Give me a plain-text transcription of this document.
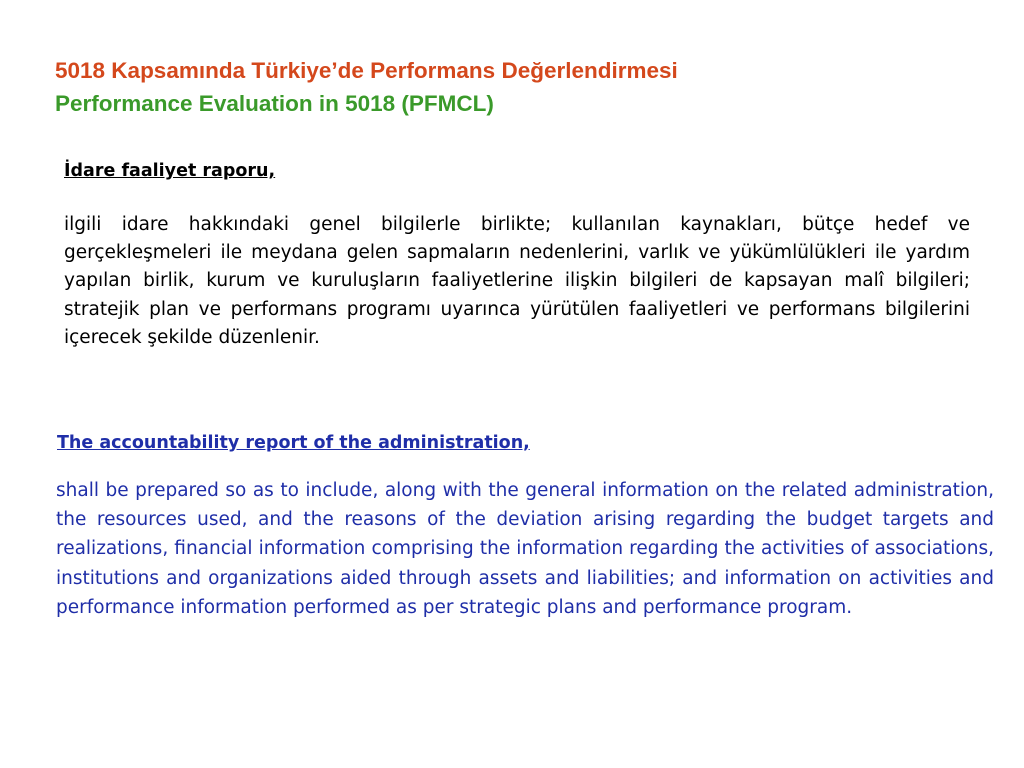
5018 Kapsamında Türkiye’de Performans Değerlendirmesi
Performance Evaluation in 5018 (PFMCL)
İdare faaliyet raporu,

ilgili idare hakkındaki genel bilgilerle birlikte; kullanılan kaynakları, bütçe hedef ve gerçekleşmeleri ile meydana gelen sapmaların nedenlerini, varlık ve yükümlülükleri ile yardım yapılan birlik, kurum ve kuruluşların faaliyetlerine ilişkin bilgileri de kapsayan malî bilgileri; stratejik plan ve performans programı uyarınca yürütülen faaliyetleri ve performans bilgilerini içerecek şekilde düzenlenir.

The accountability report of the administration,

shall be prepared so as to include, along with the general information on the related administration, the resources used, and the reasons of the deviation arising regarding the budget targets and realizations, financial information comprising the information regarding the activities of associations, institutions and organizations aided through assets and liabilities; and information on activities and performance information performed as per strategic plans and performance program.
